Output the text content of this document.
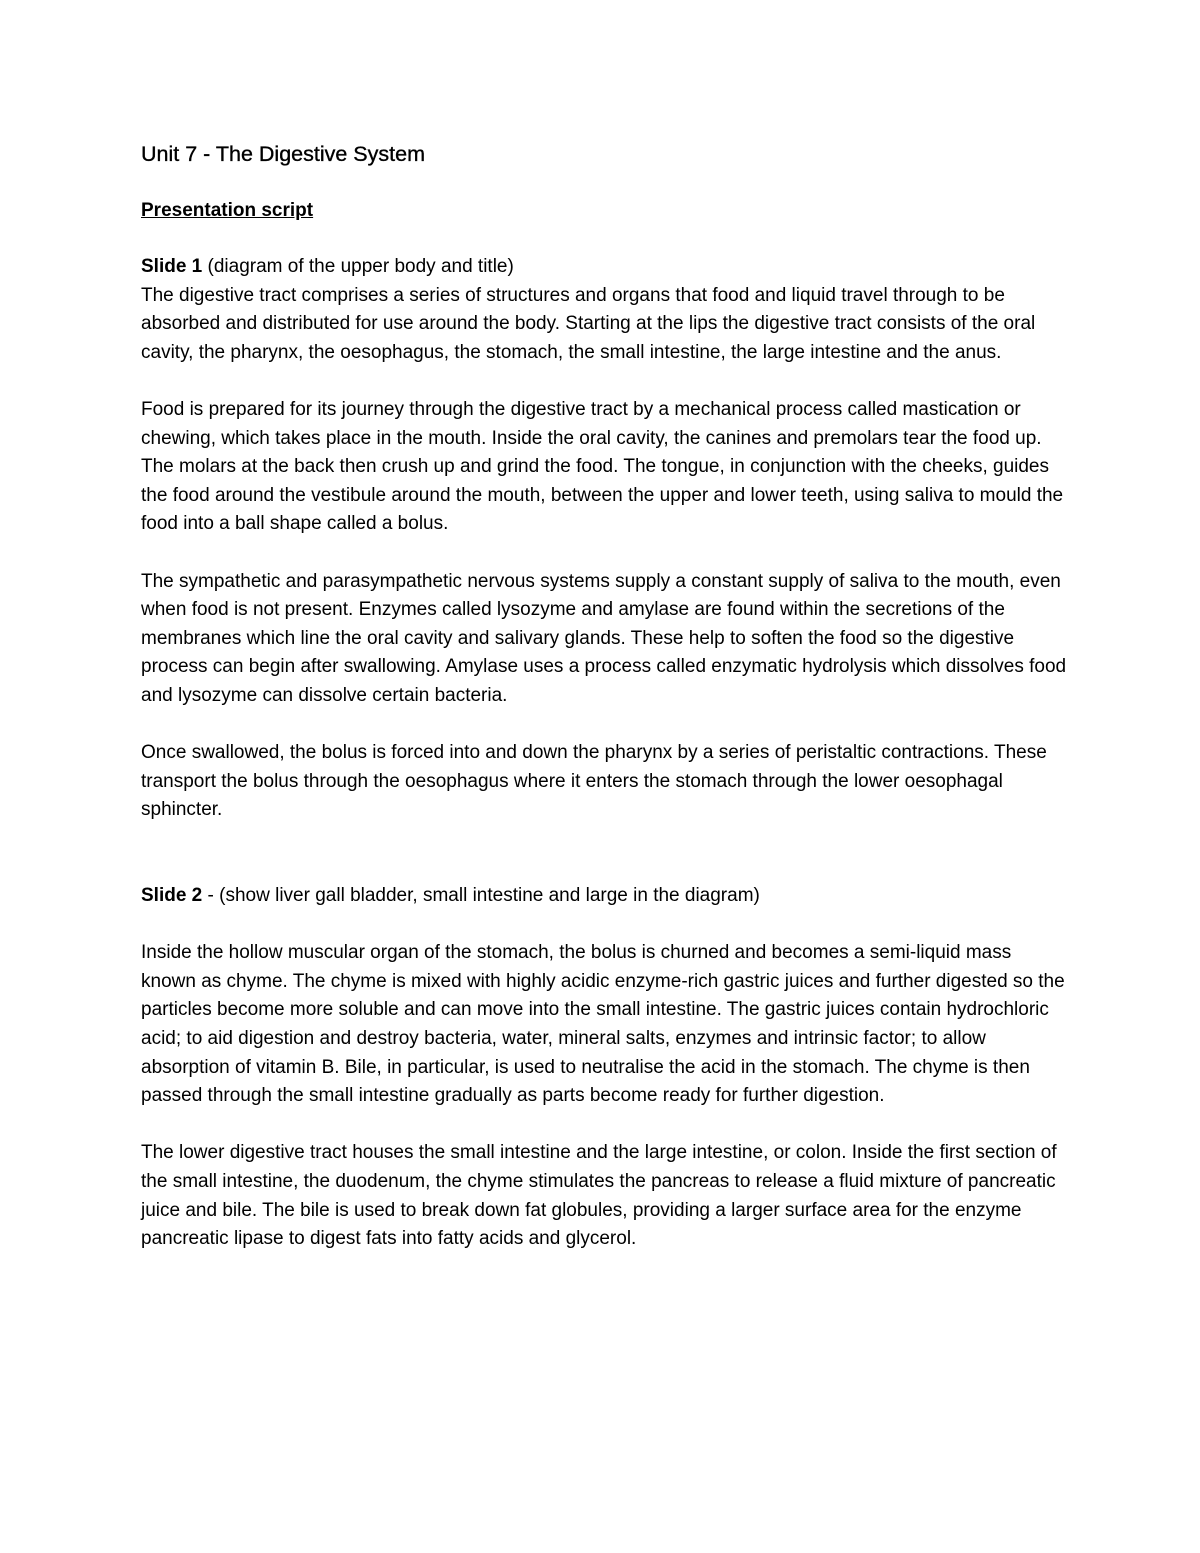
Unit 7 - The Digestive System
Presentation script
Slide 1 (diagram of the upper body and title)

The digestive tract comprises a series of structures and organs that food and liquid travel through to be absorbed and distributed for use around the body. Starting at the lips the digestive tract consists of the oral cavity, the pharynx, the oesophagus, the stomach, the small intestine, the large intestine and the anus.

Food is prepared for its journey through the digestive tract by a mechanical process called mastication or chewing, which takes place in the mouth. Inside the oral cavity, the canines and premolars tear the food up. The molars at the back then crush up and grind the food. The tongue, in conjunction with the cheeks, guides the food around the vestibule around the mouth, between the upper and lower teeth, using saliva to mould the food into a ball shape called a bolus.

The sympathetic and parasympathetic nervous systems supply a constant supply of saliva to the mouth, even when food is not present. Enzymes called lysozyme and amylase are found within the secretions of the membranes which line the oral cavity and salivary glands. These help to soften the food so the digestive process can begin after swallowing. Amylase uses a process called enzymatic hydrolysis which dissolves food and lysozyme can dissolve certain bacteria.

Once swallowed, the bolus is forced into and down the pharynx by a series of peristaltic contractions. These transport the bolus through the oesophagus where it enters the stomach through the lower oesophagal sphincter.

Slide 2 - (show liver gall bladder, small intestine and large in the diagram)

Inside the hollow muscular organ of the stomach, the bolus is churned and becomes a semi-liquid mass known as chyme. The chyme is mixed with highly acidic enzyme-rich gastric juices and further digested so the particles become more soluble and can move into the small intestine. The gastric juices contain hydrochloric acid; to aid digestion and destroy bacteria, water, mineral salts, enzymes and intrinsic factor; to allow absorption of vitamin B. Bile, in particular, is used to neutralise the acid in the stomach. The chyme is then passed through the small intestine gradually as parts become ready for further digestion.

The lower digestive tract houses the small intestine and the large intestine, or colon. Inside the first section of the small intestine, the duodenum, the chyme stimulates the pancreas to release a fluid mixture of pancreatic juice and bile. The bile is used to break down fat globules, providing a larger surface area for the enzyme pancreatic lipase to digest fats into fatty acids and glycerol.
